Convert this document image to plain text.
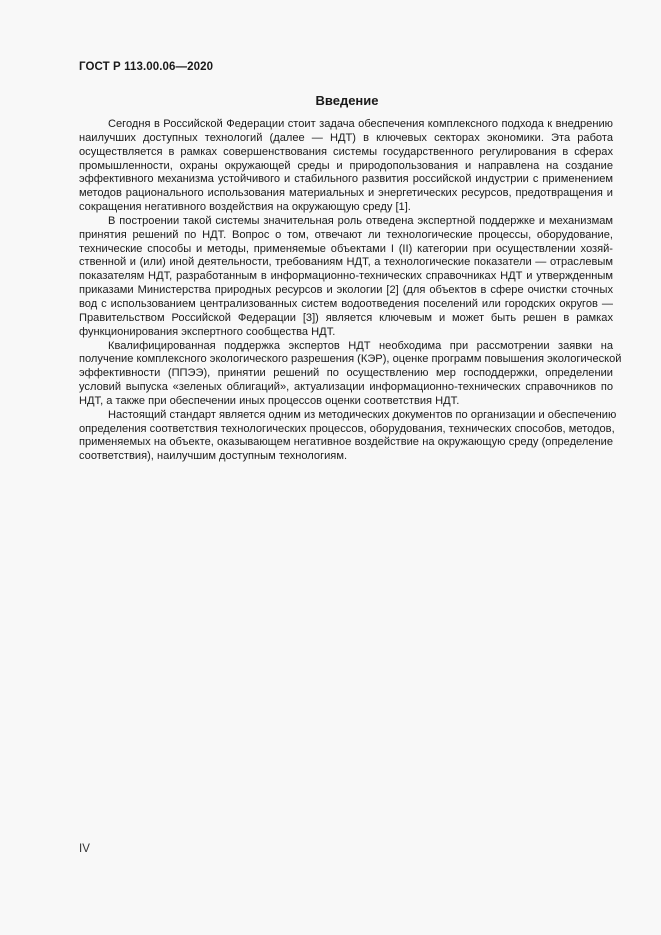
ГОСТ Р 113.00.06—2020
Введение
Сегодня в Российской Федерации стоит задача обеспечения комплексного подхода к внедрению
наилучших доступных технологий (далее — НДТ) в ключевых секторах экономики. Эта работа
осуществляется в рамках совершенствования системы государственного регулирования в сферах
промышленности, охраны окружающей среды и природопользования и направлена на создание
эффективного механизма устойчивого и стабильного развития российской индустрии с применением
методов рационального использования материальных и энергетических ресурсов, предотвращения и
сокращения негативного воздействия на окружающую среду [1].
В построении такой системы значительная роль отведена экспертной поддержке и механизмам
принятия решений по НДТ. Вопрос о том, отвечают ли технологические процессы, оборудование,
технические способы и методы, применяемые объектами I (II) категории при осуществлении хозяй-
ственной и (или) иной деятельности, требованиям НДТ, а технологические показатели — отраслевым
показателям НДТ, разработанным в информационно-технических справочниках НДТ и утвержденным
приказами Министерства природных ресурсов и экологии [2] (для объектов в сфере очистки сточных
вод с использованием централизованных систем водоотведения поселений или городских округов —
Правительством Российской Федерации [3]) является ключевым и может быть решен в рамках
функционирования экспертного сообщества НДТ.
Квалифицированная поддержка экспертов НДТ необходима при рассмотрении заявки на
получение комплексного экологического разрешения (КЭР), оценке программ повышения экологической
эффективности (ППЭЭ), принятии решений по осуществлению мер господдержки, определении
условий выпуска «зеленых облигаций», актуализации информационно-технических справочников по
НДТ, а также при обеспечении иных процессов оценки соответствия НДТ.
Настоящий стандарт является одним из методических документов по организации и обеспечению
определения соответствия технологических процессов, оборудования, технических способов, методов,
применяемых на объекте, оказывающем негативное воздействие на окружающую среду (определение
соответствия), наилучшим доступным технологиям.
IV
